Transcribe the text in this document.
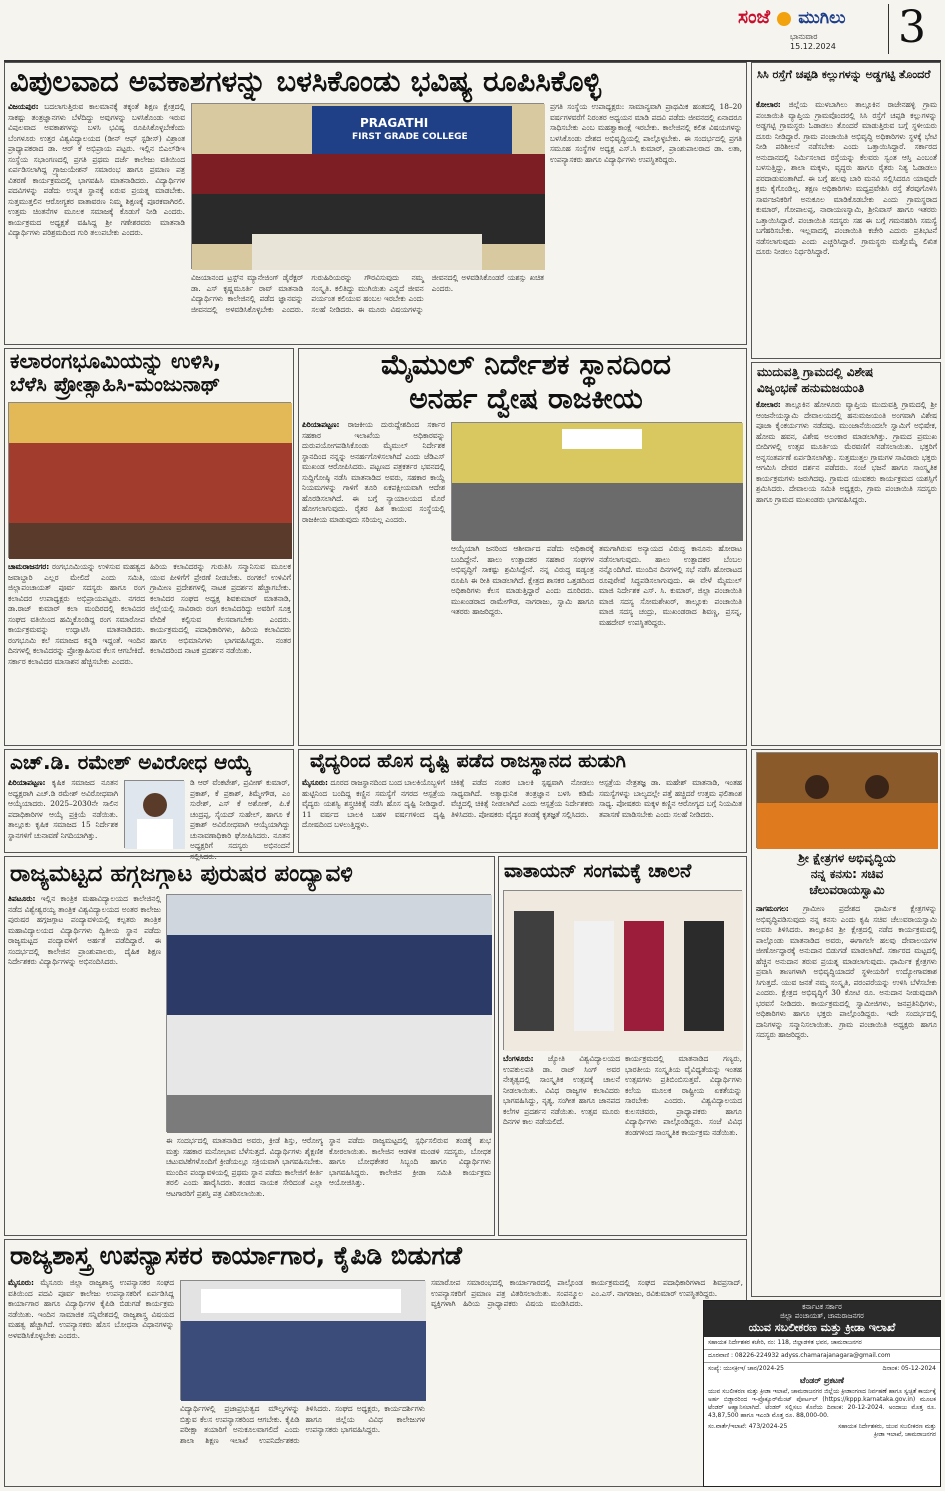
ಸಂಜೆ ಮುಗಿಲು
ಭಾನುವಾರ
15.12.2024 3
ವಿಪುಲವಾದ ಅವಕಾಶಗಳನ್ನು ಬಳಸಿಕೊಂಡು ಭವಿಷ್ಯ ರೂಪಿಸಿಕೊಳ್ಳಿ
ವಿಜಯಪುರ: ಬದಲಾಗುತ್ತಿರುವ ಕಾಲಮಾನಕ್ಕೆ ತಕ್ಕಂತೆ ಶಿಕ್ಷಣ ಕ್ಷೇತ್ರದಲ್ಲಿ ಸಾಕಷ್ಟು ತಂತ್ರಜ್ಞಾನಗಳು ಬೆಳೆದಿದ್ದು ಅವುಗಳನ್ನು ಬಳಸಿಕೊಂಡು ಇರುವ ವಿಪುಲವಾದ ಅವಕಾಶಗಳನ್ನು ಬಳಸಿ ಭವಿಷ್ಯ ರೂಪಿಸಿಕೊಳ್ಳಬೇಕೆಂದು ಬೆಂಗಳೂರು ಉತ್ತರ ವಿಶ್ವವಿದ್ಯಾಲಯದ (ಡೀನ್ ಆಫ್ ಸ್ಟಡೀಸ್) ವಿಶ್ರಾಂತ ಪ್ರಾಧ್ಯಾಪಕರಾದ ಡಾ. ಆರ್ ಕೆ ಅಭಿಪ್ರಾಯ ಪಟ್ಟರು. ಇಲ್ಲಿನ ಬಿಎಲ್‌ಡಿಇ ಸಂಸ್ಥೆಯ ಸಭಾಂಗಣದಲ್ಲಿ ಪ್ರಗತಿ ಪ್ರಥಮ ದರ್ಜೆ ಕಾಲೇಜು ವತಿಯಿಂದ ಏರ್ಪಡಿಸಲಾಗಿದ್ದ ಗ್ರ್ಯಾಜುಯೇಶನ್ ಸಮಾರಂಭ ಹಾಗೂ ಪ್ರಮಾಣ ಪತ್ರ ವಿತರಣೆ ಕಾರ್ಯಕ್ರಮದಲ್ಲಿ ಭಾಗವಹಿಸಿ ಮಾತನಾಡಿದರು. ವಿದ್ಯಾರ್ಥಿಗಳ ಪದವಿಗಳನ್ನು ಪಡೆದು ಉನ್ನತ ಸ್ಥಾನಕ್ಕೆ ಏರುವ ಪ್ರಯತ್ನ ಮಾಡಬೇಕು. ಸುತ್ತಮುತ್ತಲಿನ ಆರೋಗ್ಯಕರ ವಾತಾವರಣ ನಿಮ್ಮ ಶಿಕ್ಷಣಕ್ಕೆ ಪೂರಕವಾಗಿರಲಿ. ಉತ್ತಮ ಚಿಂತನೆಗಳ ಮೂಲಕ ಸಮಾಜಕ್ಕೆ ಕೊಡುಗೆ ನೀಡಿ ಎಂದರು. ಕಾರ್ಯಕ್ರಮದ ಅಧ್ಯಕ್ಷತೆ ವಹಿಸಿದ್ದ ಶ್ರೀ ಗಣೇಶರವರು ಮಾತನಾಡಿ ವಿದ್ಯಾರ್ಥಿಗಳು ಪರಿಶ್ರಮದಿಂದ ಗುರಿ ತಲುಪಬೇಕು ಎಂದರು.
PRAGATHI
FIRST GRADE COLLEGE
ವಿಜಯಾನಂದ ಟ್ರಸ್ಟ್‌ನ ಮ್ಯಾನೇಜಿಂಗ್ ಡೈರೆಕ್ಟರ್ ಡಾ. ಎಸ್ ಕೃಷ್ಣಮೂರ್ತಿ ರಾವ್ ಮಾತನಾಡಿ ವಿದ್ಯಾರ್ಥಿಗಳು ಕಾಲೇಜಿನಲ್ಲಿ ಪಡೆದ ಜ್ಞಾನವನ್ನು ಜೀವನದಲ್ಲಿ ಅಳವಡಿಸಿಕೊಳ್ಳಬೇಕು ಎಂದರು. ಗುರುಹಿರಿಯರನ್ನು ಗೌರವಿಸುವುದು ನಮ್ಮ ಸಂಸ್ಕೃತಿ. ಕಲಿತಿದ್ದು ಮುಗಿಯಿತು ಎನ್ನದೆ ಜೀವನ ಪರ್ಯಂತ ಕಲಿಯುವ ಹಂಬಲ ಇರಬೇಕು ಎಂದು ಸಲಹೆ ನೀಡಿದರು. ಈ ಮೂರು ವಿಷಯಗಳನ್ನು ಜೀವನದಲ್ಲಿ ಅಳವಡಿಸಿಕೊಂಡರೆ ಯಶಸ್ಸು ಖಚಿತ ಎಂದರು.
ಪ್ರಗತಿ ಸಂಸ್ಥೆಯ ಉಪಾಧ್ಯಕ್ಷರು: ಸಾಮಾನ್ಯವಾಗಿ ಪ್ರಾಥಮಿಕ ಹಂತದಲ್ಲಿ 18–20 ವರ್ಷಗಳವರೆಗೆ ನಿರಂತರ ಅಧ್ಯಯನ ಮಾಡಿ ಪದವಿ ಪಡೆದು ಜೀವನದಲ್ಲಿ ಏನಾದರೂ ಸಾಧಿಸಬೇಕು ಎಂಬ ಮಹತ್ವಾಕಾಂಕ್ಷೆ ಇರಬೇಕು. ಕಾಲೇಜಿನಲ್ಲಿ ಕಲಿತ ವಿಷಯಗಳನ್ನು ಬಳಸಿಕೊಂಡು ದೇಶದ ಅಭಿವೃದ್ಧಿಯಲ್ಲಿ ಪಾಲ್ಗೊಳ್ಳಬೇಕು. ಈ ಸಂದರ್ಭದಲ್ಲಿ ಪ್ರಗತಿ ಸಮೂಹ ಸಂಸ್ಥೆಗಳ ಅಧ್ಯಕ್ಷ ಎಸ್.ಸಿ ಕುಮಾರ್, ಪ್ರಾಂಶುಪಾಲರಾದ ಡಾ. ಲತಾ, ಉಪನ್ಯಾಸಕರು ಹಾಗೂ ವಿದ್ಯಾರ್ಥಿಗಳು ಉಪಸ್ಥಿತರಿದ್ದರು.
ಸಿಸಿ ರಸ್ತೆಗೆ ಚಪ್ಪಡಿ ಕಲ್ಲುಗಳನ್ನು ಅಡ್ಡಗಟ್ಟಿ ತೊಂದರೆ
ಕೋಲಾರ: ಜಿಲ್ಲೆಯ ಮುಳಬಾಗಿಲು ತಾಲ್ಲೂಕಿನ ರಾಜೇನಹಳ್ಳಿ ಗ್ರಾಮ ಪಂಚಾಯಿತಿ ವ್ಯಾಪ್ತಿಯ ಗ್ರಾಮವೊಂದರಲ್ಲಿ ಸಿಸಿ ರಸ್ತೆಗೆ ಚಪ್ಪಡಿ ಕಲ್ಲುಗಳನ್ನು ಅಡ್ಡಗಟ್ಟಿ ಗ್ರಾಮಸ್ಥರು ಓಡಾಡಲು ತೊಂದರೆ ಮಾಡುತ್ತಿರುವ ಬಗ್ಗೆ ಸ್ಥಳೀಯರು ದೂರು ನೀಡಿದ್ದಾರೆ. ಗ್ರಾಮ ಪಂಚಾಯಿತಿ ಅಭಿವೃದ್ಧಿ ಅಧಿಕಾರಿಗಳು ಸ್ಥಳಕ್ಕೆ ಭೇಟಿ ನೀಡಿ ಪರಿಶೀಲನೆ ನಡೆಸಬೇಕು ಎಂದು ಒತ್ತಾಯಿಸಿದ್ದಾರೆ. ಸರ್ಕಾರದ ಅನುದಾನದಲ್ಲಿ ನಿರ್ಮಿಸಲಾದ ರಸ್ತೆಯನ್ನು ಕೆಲವರು ಸ್ವಂತ ಆಸ್ತಿ ಎಂಬಂತೆ ಬಳಸುತ್ತಿದ್ದು, ಶಾಲಾ ಮಕ್ಕಳು, ವೃದ್ಧರು ಹಾಗೂ ರೈತರು ನಿತ್ಯ ಓಡಾಡಲು ಪರದಾಡುವಂತಾಗಿದೆ. ಈ ಬಗ್ಗೆ ಹಲವು ಬಾರಿ ಮನವಿ ಸಲ್ಲಿಸಿದರೂ ಯಾವುದೇ ಕ್ರಮ ಕೈಗೊಂಡಿಲ್ಲ. ತಕ್ಷಣ ಅಧಿಕಾರಿಗಳು ಮಧ್ಯಪ್ರವೇಶಿಸಿ ರಸ್ತೆ ತೆರವುಗೊಳಿಸಿ ಸಾರ್ವಜನಿಕರಿಗೆ ಅನುಕೂಲ ಮಾಡಿಕೊಡಬೇಕು ಎಂದು ಗ್ರಾಮಸ್ಥರಾದ ಕುಮಾರ್, ಗೋಪಾಲಪ್ಪ, ನಾರಾಯಣಸ್ವಾಮಿ, ಶ್ರೀನಿವಾಸ್ ಹಾಗೂ ಇತರರು ಒತ್ತಾಯಿಸಿದ್ದಾರೆ. ಪಂಚಾಯಿತಿ ಸದಸ್ಯರು ಸಹ ಈ ಬಗ್ಗೆ ಗಮನಹರಿಸಿ ಸಮಸ್ಯೆ ಬಗೆಹರಿಸಬೇಕು. ಇಲ್ಲವಾದಲ್ಲಿ ಪಂಚಾಯಿತಿ ಕಚೇರಿ ಎದುರು ಪ್ರತಿಭಟನೆ ನಡೆಸಲಾಗುವುದು ಎಂದು ಎಚ್ಚರಿಸಿದ್ದಾರೆ. ಗ್ರಾಮಸ್ಥರು ಮತ್ತೊಮ್ಮೆ ಲಿಖಿತ ದೂರು ನೀಡಲು ನಿರ್ಧರಿಸಿದ್ದಾರೆ.
ಕಲಾರಂಗಭೂಮಿಯನ್ನು ಉಳಿಸಿ,
ಬೆಳೆಸಿ ಪ್ರೋತ್ಸಾಹಿಸಿ-ಮಂಜುನಾಥ್
ಚಾಮರಾಜನಗರ: ರಂಗಭೂಮಿಯನ್ನು ಉಳಿಸುವ ಮಹತ್ವದ ಜವಾಬ್ದಾರಿ ಎಲ್ಲರ ಮೇಲಿದೆ ಎಂದು ಸಮಿತಿ, ಜಿಲ್ಲಾಪಂಚಾಯತ್ ಪೂರ್ವ ಸದಸ್ಯರು ಹಾಗೂ ರಂಗ ಕಲಾವಿದರ ಉಪಾಧ್ಯಕ್ಷರು ಅಭಿಪ್ರಾಯಪಟ್ಟರು. ನಗರದ ಡಾ.ರಾಜ್ ಕುಮಾರ್ ಕಲಾ ಮಂದಿರದಲ್ಲಿ ಕಲಾವಿದರ ಸಂಘದ ವತಿಯಿಂದ ಹಮ್ಮಿಕೊಂಡಿದ್ದ ರಂಗ ಸಮಾರೋಪ ಕಾರ್ಯಕ್ರಮವನ್ನು ಉದ್ಘಾಟಿಸಿ ಮಾತನಾಡಿದರು. ರಂಗಭೂಮಿ ಕಲೆ ಸಮಾಜದ ಕನ್ನಡಿ ಇದ್ದಂತೆ. ಇಂದಿನ ದಿನಗಳಲ್ಲಿ ಕಲಾವಿದರನ್ನು ಪ್ರೋತ್ಸಾಹಿಸುವ ಕೆಲಸ ಆಗಬೇಕಿದೆ. ಸರ್ಕಾರ ಕಲಾವಿದರ ಮಾಸಾಶನ ಹೆಚ್ಚಿಸಬೇಕು ಎಂದರು.
ಹಿರಿಯ ಕಲಾವಿದರನ್ನು ಗುರುತಿಸಿ ಸನ್ಮಾನಿಸುವ ಮೂಲಕ ಯುವ ಪೀಳಿಗೆಗೆ ಪ್ರೇರಣೆ ನೀಡಬೇಕು. ರಂಗಕಲೆ ಉಳಿವಿಗೆ ಗ್ರಾಮೀಣ ಪ್ರದೇಶಗಳಲ್ಲಿ ನಾಟಕ ಪ್ರದರ್ಶನ ಹೆಚ್ಚಾಗಬೇಕು. ಕಲಾವಿದರ ಸಂಘದ ಅಧ್ಯಕ್ಷ ಶಿವಕುಮಾರ್ ಮಾತನಾಡಿ, ಜಿಲ್ಲೆಯಲ್ಲಿ ಸಾವಿರಾರು ರಂಗ ಕಲಾವಿದರಿದ್ದು ಅವರಿಗೆ ಸೂಕ್ತ ವೇದಿಕೆ ಕಲ್ಪಿಸುವ ಕೆಲಸವಾಗಬೇಕು ಎಂದರು. ಕಾರ್ಯಕ್ರಮದಲ್ಲಿ ಪದಾಧಿಕಾರಿಗಳು, ಹಿರಿಯ ಕಲಾವಿದರು ಹಾಗೂ ಅಭಿಮಾನಿಗಳು ಭಾಗವಹಿಸಿದ್ದರು. ನಂತರ ಕಲಾವಿದರಿಂದ ನಾಟಕ ಪ್ರದರ್ಶನ ನಡೆಯಿತು.
ಮೈಮುಲ್ ನಿರ್ದೇಶಕ ಸ್ಥಾನದಿಂದ
ಅನರ್ಹ ದ್ವೇಷ ರಾಜಕೀಯ
ಪಿರಿಯಾಪಟ್ಟಣ: ರಾಜಕೀಯ ದುರುದ್ದೇಶದಿಂದ ಸರ್ಕಾರ ಸಹಕಾರ ಇಲಾಖೆಯ ಅಧಿಕಾರವನ್ನು ದುರುಪಯೋಗಪಡಿಸಿಕೊಂಡು ಮೈಮುಲ್ ನಿರ್ದೇಶಕ ಸ್ಥಾನದಿಂದ ನನ್ನನ್ನು ಅನರ್ಹಗೊಳಿಸಲಾಗಿದೆ ಎಂದು ಜೆಡಿಎಸ್ ಮುಖಂಡ ಆರೋಪಿಸಿದರು. ಪಟ್ಟಣದ ಪತ್ರಕರ್ತರ ಭವನದಲ್ಲಿ ಸುದ್ದಿಗೋಷ್ಠಿ ನಡೆಸಿ ಮಾತನಾಡಿದ ಅವರು, ಸಹಕಾರ ಕಾಯ್ದೆ ನಿಯಮಗಳನ್ನು ಗಾಳಿಗೆ ತೂರಿ ಏಕಪಕ್ಷೀಯವಾಗಿ ಆದೇಶ ಹೊರಡಿಸಲಾಗಿದೆ. ಈ ಬಗ್ಗೆ ನ್ಯಾಯಾಲಯದ ಮೊರೆ ಹೋಗಲಾಗುವುದು. ರೈತರ ಹಿತ ಕಾಯುವ ಸಂಸ್ಥೆಯಲ್ಲಿ ರಾಜಕೀಯ ಮಾಡುವುದು ಸರಿಯಲ್ಲ ಎಂದರು.
ಆಯ್ಕೆಯಾಗಿ ಜನರಿಂದ ಆಶೀರ್ವಾದ ಪಡೆದು ಅಧಿಕಾರಕ್ಕೆ ಬಂದಿದ್ದೇನೆ. ಹಾಲು ಉತ್ಪಾದಕರ ಸಹಕಾರ ಸಂಘಗಳ ಅಭಿವೃದ್ಧಿಗೆ ಸಾಕಷ್ಟು ಶ್ರಮಿಸಿದ್ದೇನೆ. ನನ್ನ ವಿರುದ್ಧ ಷಡ್ಯಂತ್ರ ರೂಪಿಸಿ ಈ ರೀತಿ ಮಾಡಲಾಗಿದೆ. ಕ್ಷೇತ್ರದ ಶಾಸಕರ ಒತ್ತಡದಿಂದ ಅಧಿಕಾರಿಗಳು ಕೆಲಸ ಮಾಡುತ್ತಿದ್ದಾರೆ ಎಂದು ದೂರಿದರು. ಮುಖಂಡರಾದ ರಾಮೇಗೌಡ, ನಾಗರಾಜು, ಸ್ವಾಮಿ ಹಾಗೂ ಇತರರು ಹಾಜರಿದ್ದರು.
ತಮಗಾಗಿರುವ ಅನ್ಯಾಯದ ವಿರುದ್ಧ ಕಾನೂನು ಹೋರಾಟ ನಡೆಸಲಾಗುವುದು. ಹಾಲು ಉತ್ಪಾದಕರ ಬೆಂಬಲ ನನ್ನೊಂದಿಗಿದೆ. ಮುಂದಿನ ದಿನಗಳಲ್ಲಿ ಸಭೆ ನಡೆಸಿ ಹೋರಾಟದ ರೂಪುರೇಷೆ ಸಿದ್ಧಪಡಿಸಲಾಗುವುದು. ಈ ವೇಳೆ ಮೈಮುಲ್ ಮಾಜಿ ನಿರ್ದೇಶಕ ಎಸ್. ಸಿ. ಕುಮಾರ್, ಜಿಲ್ಲಾ ಪಂಚಾಯಿತಿ ಮಾಜಿ ಸದಸ್ಯ ಸೋಮಶೇಖರ್, ತಾಲ್ಲೂಕು ಪಂಚಾಯಿತಿ ಮಾಜಿ ಸದಸ್ಯ ಚಂದ್ರು, ಮುಖಂಡರಾದ ಶಿವಣ್ಣ, ಪ್ರಸನ್ನ, ಮಹದೇವ್ ಉಪಸ್ಥಿತರಿದ್ದರು.
ಮುದುವತ್ತಿ ಗ್ರಾಮದಲ್ಲಿ ವಿಶೇಷ
ವಿಜೃಂಭಣೆ ಹನುಮಜಯಂತಿ
ಕೋಲಾರ: ತಾಲ್ಲೂಕಿನ ಹೋಳೂರು ವ್ಯಾಪ್ತಿಯ ಮುದುವತ್ತಿ ಗ್ರಾಮದಲ್ಲಿ ಶ್ರೀ ಆಂಜನೇಯಸ್ವಾಮಿ ದೇವಾಲಯದಲ್ಲಿ ಹನುಮಜಯಂತಿ ಅಂಗವಾಗಿ ವಿಶೇಷ ಪೂಜಾ ಕೈಂಕರ್ಯಗಳು ನಡೆದವು. ಮುಂಜಾನೆಯಿಂದಲೇ ಸ್ವಾಮಿಗೆ ಅಭಿಷೇಕ, ಹೋಮ ಹವನ, ವಿಶೇಷ ಅಲಂಕಾರ ಮಾಡಲಾಗಿತ್ತು. ಗ್ರಾಮದ ಪ್ರಮುಖ ಬೀದಿಗಳಲ್ಲಿ ಉತ್ಸವ ಮೂರ್ತಿಯ ಮೆರವಣಿಗೆ ನಡೆಸಲಾಯಿತು. ಭಕ್ತರಿಗೆ ಅನ್ನಸಂತರ್ಪಣೆ ಏರ್ಪಡಿಸಲಾಗಿತ್ತು. ಸುತ್ತಮುತ್ತಲ ಗ್ರಾಮಗಳ ಸಾವಿರಾರು ಭಕ್ತರು ಆಗಮಿಸಿ ದೇವರ ದರ್ಶನ ಪಡೆದರು. ಸಂಜೆ ಭಜನೆ ಹಾಗೂ ಸಾಂಸ್ಕೃತಿಕ ಕಾರ್ಯಕ್ರಮಗಳು ಜರುಗಿದವು. ಗ್ರಾಮದ ಯುವಕರು ಕಾರ್ಯಕ್ರಮದ ಯಶಸ್ಸಿಗೆ ಶ್ರಮಿಸಿದರು. ದೇವಾಲಯ ಸಮಿತಿ ಅಧ್ಯಕ್ಷರು, ಗ್ರಾಮ ಪಂಚಾಯಿತಿ ಸದಸ್ಯರು ಹಾಗೂ ಗ್ರಾಮದ ಮುಖಂಡರು ಭಾಗವಹಿಸಿದ್ದರು.
ಎಚ್.ಡಿ. ರಮೇಶ್ ಅವಿರೋಧ ಆಯ್ಕೆ
ಪಿರಿಯಾಪಟ್ಟಣ: ಕೃಷಿಕ ಸಮಾಜದ ನೂತನ ಅಧ್ಯಕ್ಷರಾಗಿ ಎಚ್.ಡಿ ರಮೇಶ್ ಅವಿರೋಧವಾಗಿ ಆಯ್ಕೆಯಾದರು. 2025–2030ನೇ ಸಾಲಿನ ಪದಾಧಿಕಾರಿಗಳ ಆಯ್ಕೆ ಪ್ರಕ್ರಿಯೆ ನಡೆಯಿತು. ತಾಲ್ಲೂಕು ಕೃಷಿಕ ಸಮಾಜದ 15 ನಿರ್ದೇಶಕ ಸ್ಥಾನಗಳಿಗೆ ಚುನಾವಣೆ ನಿಗದಿಯಾಗಿತ್ತು.
ಡಿ ಆರ್ ವೆಂಕಟೇಶ್, ಪ್ರವೀಣ್ ಕುಮಾರ್, ಪ್ರಕಾಶ್, ಕೆ ಪ್ರಕಾಶ್, ತಿಮ್ಮೇಗೌಡ, ಎಂ ಸುರೇಶ್, ಎಸ್ ಕೆ ಅಶೋಕ್, ಪಿ.ಕೆ ಚಂದ್ರಪ್ಪ, ಸೈಯದ್ ಸುಹೇಲ್, ಹಾಗೂ ಕೆ ಪ್ರಕಾಶ್ ಅವಿರೋಧವಾಗಿ ಆಯ್ಕೆಯಾಗಿದ್ದು ಚುನಾವಣಾಧಿಕಾರಿ ಘೋಷಿಸಿದರು. ನೂತನ ಅಧ್ಯಕ್ಷರಿಗೆ ಸದಸ್ಯರು ಅಭಿನಂದನೆ ಸಲ್ಲಿಸಿದರು.
ವೈದ್ಯರಿಂದ ಹೊಸ ದೃಷ್ಟಿ ಪಡೆದ ರಾಜಸ್ಥಾನದ ಹುಡುಗಿ
ಮೈಸೂರು: ದೂರದ ರಾಜಸ್ಥಾನದಿಂದ ಬಂದ ಬಾಲಕಿಯೊಬ್ಬಳಿಗೆ ಹುಟ್ಟಿನಿಂದ ಬಂದಿದ್ದ ಕಣ್ಣಿನ ಸಮಸ್ಯೆಗೆ ನಗರದ ಆಸ್ಪತ್ರೆಯ ವೈದ್ಯರು ಯಶಸ್ವಿ ಶಸ್ತ್ರಚಿಕಿತ್ಸೆ ನಡೆಸಿ ಹೊಸ ದೃಷ್ಟಿ ನೀಡಿದ್ದಾರೆ. 11 ವರ್ಷದ ಬಾಲಕಿ ಬಹಳ ವರ್ಷಗಳಿಂದ ದೃಷ್ಟಿ ದೋಷದಿಂದ ಬಳಲುತ್ತಿದ್ದಳು.
ಚಿಕಿತ್ಸೆ ಪಡೆದ ನಂತರ ಬಾಲಕಿ ಸ್ಪಷ್ಟವಾಗಿ ನೋಡಲು ಸಾಧ್ಯವಾಗಿದೆ. ಅತ್ಯಾಧುನಿಕ ತಂತ್ರಜ್ಞಾನ ಬಳಸಿ ಕಡಿಮೆ ವೆಚ್ಚದಲ್ಲಿ ಚಿಕಿತ್ಸೆ ನೀಡಲಾಗಿದೆ ಎಂದು ಆಸ್ಪತ್ರೆಯ ನಿರ್ದೇಶಕರು ತಿಳಿಸಿದರು. ಪೋಷಕರು ವೈದ್ಯರ ತಂಡಕ್ಕೆ ಕೃತಜ್ಞತೆ ಸಲ್ಲಿಸಿದರು.
ಆಸ್ಪತ್ರೆಯ ನೇತ್ರತಜ್ಞ ಡಾ. ಮಹೇಶ್ ಮಾತನಾಡಿ, ಇಂತಹ ಸಮಸ್ಯೆಗಳನ್ನು ಬಾಲ್ಯದಲ್ಲೇ ಪತ್ತೆ ಹಚ್ಚಿದರೆ ಉತ್ತಮ ಫಲಿತಾಂಶ ಸಾಧ್ಯ. ಪೋಷಕರು ಮಕ್ಕಳ ಕಣ್ಣಿನ ಆರೋಗ್ಯದ ಬಗ್ಗೆ ನಿಯಮಿತ ತಪಾಸಣೆ ಮಾಡಿಸಬೇಕು ಎಂದು ಸಲಹೆ ನೀಡಿದರು.
ಶ್ರೀ ಕ್ಷೇತ್ರಗಳ ಅಭಿವೃದ್ಧಿಯ
ನನ್ನ ಕನಸು: ಸಚಿವ
ಚೆಲುವರಾಯಸ್ವಾಮಿ
ನಾಗಮಂಗಲ: ಗ್ರಾಮೀಣ ಪ್ರದೇಶದ ಧಾರ್ಮಿಕ ಕ್ಷೇತ್ರಗಳನ್ನು ಅಭಿವೃದ್ಧಿಪಡಿಸುವುದು ನನ್ನ ಕನಸು ಎಂದು ಕೃಷಿ ಸಚಿವ ಚೆಲುವರಾಯಸ್ವಾಮಿ ಅವರು ತಿಳಿಸಿದರು. ತಾಲ್ಲೂಕಿನ ಶ್ರೀ ಕ್ಷೇತ್ರದಲ್ಲಿ ನಡೆದ ಕಾರ್ಯಕ್ರಮದಲ್ಲಿ ಪಾಲ್ಗೊಂಡು ಮಾತನಾಡಿದ ಅವರು, ಈಗಾಗಲೇ ಹಲವು ದೇವಾಲಯಗಳ ಜೀರ್ಣೋದ್ಧಾರಕ್ಕೆ ಅನುದಾನ ಬಿಡುಗಡೆ ಮಾಡಲಾಗಿದೆ. ಸರ್ಕಾರದ ಮಟ್ಟದಲ್ಲಿ ಹೆಚ್ಚಿನ ಅನುದಾನ ತರುವ ಪ್ರಯತ್ನ ಮಾಡಲಾಗುವುದು. ಧಾರ್ಮಿಕ ಕ್ಷೇತ್ರಗಳು ಪ್ರವಾಸಿ ತಾಣಗಳಾಗಿ ಅಭಿವೃದ್ಧಿಯಾದರೆ ಸ್ಥಳೀಯರಿಗೆ ಉದ್ಯೋಗಾವಕಾಶ ಸಿಗುತ್ತದೆ. ಯುವ ಜನತೆ ನಮ್ಮ ಸಂಸ್ಕೃತಿ, ಪರಂಪರೆಯನ್ನು ಉಳಿಸಿ ಬೆಳೆಸಬೇಕು ಎಂದರು. ಕ್ಷೇತ್ರದ ಅಭಿವೃದ್ಧಿಗೆ 30 ಕೋಟಿ ರೂ. ಅನುದಾನ ನೀಡುವುದಾಗಿ ಭರವಸೆ ನೀಡಿದರು. ಕಾರ್ಯಕ್ರಮದಲ್ಲಿ ಸ್ವಾಮೀಜಿಗಳು, ಜನಪ್ರತಿನಿಧಿಗಳು, ಅಧಿಕಾರಿಗಳು ಹಾಗೂ ಭಕ್ತರು ಪಾಲ್ಗೊಂಡಿದ್ದರು. ಇದೇ ಸಂದರ್ಭದಲ್ಲಿ ದಾನಿಗಳನ್ನು ಸನ್ಮಾನಿಸಲಾಯಿತು. ಗ್ರಾಮ ಪಂಚಾಯಿತಿ ಅಧ್ಯಕ್ಷರು ಹಾಗೂ ಸದಸ್ಯರು ಹಾಜರಿದ್ದರು.
ರಾಜ್ಯಮಟ್ಟದ ಹಗ್ಗಜಗ್ಗಾಟ ಪುರುಷರ ಪಂದ್ಯಾವಳಿ
ತಿಪಟೂರು: ಇಲ್ಲಿನ ಕಾಂತ್ರಿಕ ಮಹಾವಿದ್ಯಾಲಯದ ಕಾಲೇಜಿನಲ್ಲಿ ನಡೆದ ವಿಶ್ವೇಶ್ವರಯ್ಯ ತಾಂತ್ರಿಕ ವಿಶ್ವವಿದ್ಯಾಲಯದ ಅಂತರ ಕಾಲೇಜು ಪುರುಷರ ಹಗ್ಗಜಗ್ಗಾಟ ಪಂದ್ಯಾವಳಿಯಲ್ಲಿ ಕಲ್ಪತರು ತಾಂತ್ರಿಕ ಮಹಾವಿದ್ಯಾಲಯದ ವಿದ್ಯಾರ್ಥಿಗಳು ದ್ವಿತೀಯ ಸ್ಥಾನ ಪಡೆದು ರಾಜ್ಯಮಟ್ಟದ ಪಂದ್ಯಾವಳಿಗೆ ಅರ್ಹತೆ ಪಡೆದಿದ್ದಾರೆ. ಈ ಸಂದರ್ಭದಲ್ಲಿ ಕಾಲೇಜಿನ ಪ್ರಾಂಶುಪಾಲರು, ದೈಹಿಕ ಶಿಕ್ಷಣ ನಿರ್ದೇಶಕರು ವಿದ್ಯಾರ್ಥಿಗಳನ್ನು ಅಭಿನಂದಿಸಿದರು.
ಈ ಸಂದರ್ಭದಲ್ಲಿ ಮಾತನಾಡಿದ ಅವರು, ಕ್ರೀಡೆ ಶಿಸ್ತು, ಆರೋಗ್ಯ ಮತ್ತು ಸಹಕಾರ ಮನೋಭಾವ ಬೆಳೆಸುತ್ತದೆ. ವಿದ್ಯಾರ್ಥಿಗಳು ಶೈಕ್ಷಣಿಕ ಚಟುವಟಿಕೆಗಳೊಂದಿಗೆ ಕ್ರೀಡೆಯಲ್ಲೂ ಸಕ್ರಿಯವಾಗಿ ಭಾಗವಹಿಸಬೇಕು. ಮುಂದಿನ ಪಂದ್ಯಾವಳಿಯಲ್ಲಿ ಪ್ರಥಮ ಸ್ಥಾನ ಪಡೆದು ಕಾಲೇಜಿಗೆ ಕೀರ್ತಿ ತರಲಿ ಎಂದು ಹಾರೈಸಿದರು. ತಂಡದ ನಾಯಕ ಸೇರಿದಂತೆ ಎಲ್ಲಾ ಆಟಗಾರರಿಗೆ ಪ್ರಶಸ್ತಿ ಪತ್ರ ವಿತರಿಸಲಾಯಿತು.
ಸ್ಥಾನ ಪಡೆದು ರಾಜ್ಯಮಟ್ಟದಲ್ಲಿ ಸ್ಪರ್ಧಿಸಲಿರುವ ತಂಡಕ್ಕೆ ಶುಭ ಕೋರಲಾಯಿತು. ಕಾಲೇಜಿನ ಆಡಳಿತ ಮಂಡಳಿ ಸದಸ್ಯರು, ಬೋಧಕ ಹಾಗೂ ಬೋಧಕೇತರ ಸಿಬ್ಬಂದಿ ಹಾಗೂ ವಿದ್ಯಾರ್ಥಿಗಳು ಭಾಗವಹಿಸಿದ್ದರು. ಕಾಲೇಜಿನ ಕ್ರೀಡಾ ಸಮಿತಿ ಕಾರ್ಯಕ್ರಮ ಆಯೋಜಿಸಿತ್ತು.
ವಾತಾಯನ್ ಸಂಗಮಕ್ಕೆ ಚಾಲನೆ
ಬೆಂಗಳೂರು: ಜ್ಯೋತಿ ವಿಶ್ವವಿದ್ಯಾಲಯದ ಉಪಕುಲಪತಿ ಡಾ. ರಾಜ್ ಸಿಂಗ್ ಅವರ ನೇತೃತ್ವದಲ್ಲಿ ಸಾಂಸ್ಕೃತಿಕ ಉತ್ಸವಕ್ಕೆ ಚಾಲನೆ ನೀಡಲಾಯಿತು. ವಿವಿಧ ರಾಜ್ಯಗಳ ಕಲಾವಿದರು ಭಾಗವಹಿಸಿದ್ದು, ನೃತ್ಯ, ಸಂಗೀತ ಹಾಗೂ ಜಾನಪದ ಕಲೆಗಳ ಪ್ರದರ್ಶನ ನಡೆಯಿತು. ಉತ್ಸವ ಮೂರು ದಿನಗಳ ಕಾಲ ನಡೆಯಲಿದೆ.
ಕಾರ್ಯಕ್ರಮದಲ್ಲಿ ಮಾತನಾಡಿದ ಗಣ್ಯರು, ಭಾರತೀಯ ಸಂಸ್ಕೃತಿಯ ವೈವಿಧ್ಯತೆಯನ್ನು ಇಂತಹ ಉತ್ಸವಗಳು ಪ್ರತಿಬಿಂಬಿಸುತ್ತವೆ. ವಿದ್ಯಾರ್ಥಿಗಳು ಕಲೆಯ ಮೂಲಕ ರಾಷ್ಟ್ರೀಯ ಏಕತೆಯನ್ನು ಸಾರಬೇಕು ಎಂದರು. ವಿಶ್ವವಿದ್ಯಾಲಯದ ಕುಲಸಚಿವರು, ಪ್ರಾಧ್ಯಾಪಕರು ಹಾಗೂ ವಿದ್ಯಾರ್ಥಿಗಳು ಪಾಲ್ಗೊಂಡಿದ್ದರು. ಸಂಜೆ ವಿವಿಧ ತಂಡಗಳಿಂದ ಸಾಂಸ್ಕೃತಿಕ ಕಾರ್ಯಕ್ರಮ ನಡೆಯಿತು.
ರಾಜ್ಯಶಾಸ್ತ್ರ ಉಪನ್ಯಾಸಕರ ಕಾರ್ಯಾಗಾರ, ಕೈಪಿಡಿ ಬಿಡುಗಡೆ
ಮೈಸೂರು: ಮೈಸೂರು ಜಿಲ್ಲಾ ರಾಜ್ಯಶಾಸ್ತ್ರ ಉಪನ್ಯಾಸಕರ ಸಂಘದ ವತಿಯಿಂದ ಪದವಿ ಪೂರ್ವ ಕಾಲೇಜು ಉಪನ್ಯಾಸಕರಿಗೆ ಏರ್ಪಡಿಸಿದ್ದ ಕಾರ್ಯಾಗಾರ ಹಾಗೂ ವಿದ್ಯಾರ್ಥಿಗಳ ಕೈಪಿಡಿ ಬಿಡುಗಡೆ ಕಾರ್ಯಕ್ರಮ ನಡೆಯಿತು. ಇಂದಿನ ಸಾಮಾಜಿಕ ಸನ್ನಿವೇಶದಲ್ಲಿ ರಾಜ್ಯಶಾಸ್ತ್ರ ವಿಷಯದ ಮಹತ್ವ ಹೆಚ್ಚಾಗಿದೆ. ಉಪನ್ಯಾಸಕರು ಹೊಸ ಬೋಧನಾ ವಿಧಾನಗಳನ್ನು ಅಳವಡಿಸಿಕೊಳ್ಳಬೇಕು ಎಂದರು.
ವಿದ್ಯಾರ್ಥಿಗಳಲ್ಲಿ ಪ್ರಜಾಪ್ರಭುತ್ವದ ಮೌಲ್ಯಗಳನ್ನು ಬಿತ್ತುವ ಕೆಲಸ ಉಪನ್ಯಾಸಕರಿಂದ ಆಗಬೇಕು. ಕೈಪಿಡಿ ಪರೀಕ್ಷಾ ತಯಾರಿಗೆ ಅನುಕೂಲವಾಗಲಿದೆ ಎಂದು ಶಾಲಾ ಶಿಕ್ಷಣ ಇಲಾಖೆ ಉಪನಿರ್ದೇಶಕರು ತಿಳಿಸಿದರು. ಸಂಘದ ಅಧ್ಯಕ್ಷರು, ಕಾರ್ಯದರ್ಶಿಗಳು ಹಾಗೂ ಜಿಲ್ಲೆಯ ವಿವಿಧ ಕಾಲೇಜುಗಳ ಉಪನ್ಯಾಸಕರು ಭಾಗವಹಿಸಿದ್ದರು.
ಸಮಾರೋಪ ಸಮಾರಂಭದಲ್ಲಿ ಕಾರ್ಯಾಗಾರದಲ್ಲಿ ಪಾಲ್ಗೊಂಡ ಉಪನ್ಯಾಸಕರಿಗೆ ಪ್ರಮಾಣ ಪತ್ರ ವಿತರಿಸಲಾಯಿತು. ಸಂಪನ್ಮೂಲ ವ್ಯಕ್ತಿಗಳಾಗಿ ಹಿರಿಯ ಪ್ರಾಧ್ಯಾಪಕರು ವಿಷಯ ಮಂಡಿಸಿದರು. ಕಾರ್ಯಕ್ರಮದಲ್ಲಿ ಸಂಘದ ಪದಾಧಿಕಾರಿಗಳಾದ ಶಿವಪ್ರಸಾದ್, ಎಂ.ಎಸ್. ನಾಗರಾಜು, ರವಿಕುಮಾರ್ ಉಪಸ್ಥಿತರಿದ್ದರು.
ಕರ್ನಾಟಕ ಸರ್ಕಾರ
ಜಿಲ್ಲಾ ಪಂಚಾಯತ್, ಚಾಮರಾಜನಗರ
ಯುವ ಸಬಲೀಕರಣ ಮತ್ತು ಕ್ರೀಡಾ ಇಲಾಖೆ
ಸಹಾಯಕ ನಿರ್ದೇಶಕರ ಕಚೇರಿ, ನಂ: 118, ಜಿಲ್ಲಾಡಳಿತ ಭವನ, ಚಾಮರಾಜನಗರ
ದೂರವಾಣಿ : 08226-224932 adyss.chamarajanagara@gmail.com
ಸಂಖ್ಯೆ: ಯುಸಕ್ರೀಇ/ ಚಾನ/2024-25	ದಿನಾಂಕ: 05-12-2024
ಟೆಂಡರ್ ಪ್ರಕಟಣೆ
ಯುವ ಸಬಲೀಕರಣ ಮತ್ತು ಕ್ರೀಡಾ ಇಲಾಖೆ, ಚಾಮರಾಜನಗರ ಜಿಲ್ಲೆಯ ಕ್ರೀಡಾಂಗಣದ ನಿರ್ವಹಣೆ ಹಾಗೂ ಸ್ವಚ್ಛತೆ ಕಾರ್ಯಕ್ಕೆ ಅರ್ಹ ಬಿಡ್ದಾರರಿಂದ ಇ-ಪ್ರೊಕ್ಯೂರ್‌ಮೆಂಟ್ ಪೋರ್ಟಲ್ (https://kppp.karnataka.gov.in) ಮೂಲಕ ಟೆಂಡರ್ ಆಹ್ವಾನಿಸಲಾಗಿದೆ. ಟೆಂಡರ್ ಸಲ್ಲಿಸಲು ಕೊನೆಯ ದಿನಾಂಕ: 20-12-2024. ಅಂದಾಜು ಮೊತ್ತ ರೂ. 43,87,500 ಹಾಗೂ ಇಎಂಡಿ ಮೊತ್ತ ರೂ. 88,000-00.
ಸಂ.ವಾರ್ತೆ/ಇಲಾಖೆ: 473/2024-25	ಸಹಾಯಕ ನಿರ್ದೇಶಕರು, ಯುವ ಸಬಲೀಕರಣ ಮತ್ತು ಕ್ರೀಡಾ ಇಲಾಖೆ, ಚಾಮರಾಜನಗರ
